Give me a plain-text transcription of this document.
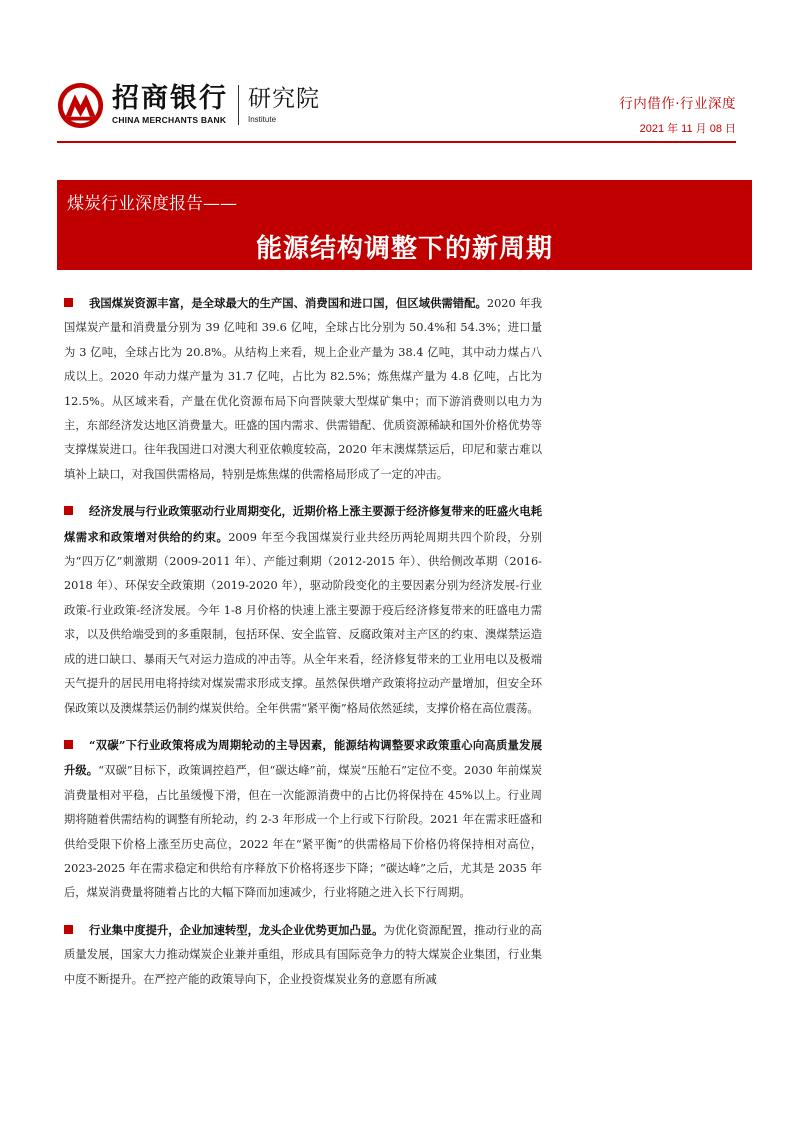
招商银行
CHINA MERCHANTS BANK
研究院
Institute
行内借作·行业深度
2021 年 11 月 08 日
煤炭行业深度报告——
能源结构调整下的新周期

我国煤炭资源丰富，是全球最大的生产国、消费国和进口国，但区域供需错配。2020 年我国煤炭产量和消费量分别为 39 亿吨和 39.6 亿吨，全球占比分别为 50.4%和 54.3%；进口量为 3 亿吨，全球占比为 20.8%。从结构上来看，规上企业产量为 38.4 亿吨，其中动力煤占八成以上。2020 年动力煤产量为 31.7 亿吨，占比为 82.5%；炼焦煤产量为 4.8 亿吨，占比为 12.5%。从区域来看，产量在优化资源布局下向晋陕蒙大型煤矿集中；而下游消费则以电力为主，东部经济发达地区消费量大。旺盛的国内需求、供需错配、优质资源稀缺和国外价格优势等支撑煤炭进口。往年我国进口对澳大利亚依赖度较高，2020 年末澳煤禁运后，印尼和蒙古难以填补上缺口，对我国供需格局，特别是炼焦煤的供需格局形成了一定的冲击。

经济发展与行业政策驱动行业周期变化，近期价格上涨主要源于经济修复带来的旺盛火电耗煤需求和政策增对供给的约束。2009 年至今我国煤炭行业共经历两轮周期共四个阶段，分别为“四万亿”刺激期（2009-2011 年）、产能过剩期（2012-2015 年）、供给侧改革期（2016-2018 年）、环保安全政策期（2019-2020 年），驱动阶段变化的主要因素分别为经济发展-行业政策-行业政策-经济发展。今年 1-8 月价格的快速上涨主要源于疫后经济修复带来的旺盛电力需求，以及供给端受到的多重限制，包括环保、安全监管、反腐政策对主产区的约束、澳煤禁运造成的进口缺口、暴雨天气对运力造成的冲击等。从全年来看，经济修复带来的工业用电以及极端天气提升的居民用电将持续对煤炭需求形成支撑。虽然保供增产政策将拉动产量增加，但安全环保政策以及澳煤禁运仍制约煤炭供给。全年供需“紧平衡”格局依然延续，支撑价格在高位震荡。

“双碳”下行业政策将成为周期轮动的主导因素，能源结构调整要求政策重心向高质量发展升级。“双碳”目标下，政策调控趋严，但“碳达峰”前，煤炭“压舱石”定位不变。2030 年前煤炭消费量相对平稳，占比虽缓慢下滑，但在一次能源消费中的占比仍将保持在 45%以上。行业周期将随着供需结构的调整有所轮动，约 2-3 年形成一个上行或下行阶段。2021 年在需求旺盛和供给受限下价格上涨至历史高位，2022 年在“紧平衡”的供需格局下价格仍将保持相对高位，2023-2025 年在需求稳定和供给有序释放下价格将逐步下降；“碳达峰”之后，尤其是 2035 年后，煤炭消费量将随着占比的大幅下降而加速减少，行业将随之进入长下行周期。

行业集中度提升，企业加速转型，龙头企业优势更加凸显。为优化资源配置，推动行业的高质量发展，国家大力推动煤炭企业兼并重组，形成具有国际竞争力的特大煤炭企业集团，行业集中度不断提升。在严控产能的政策导向下，企业投资煤炭业务的意愿有所减
